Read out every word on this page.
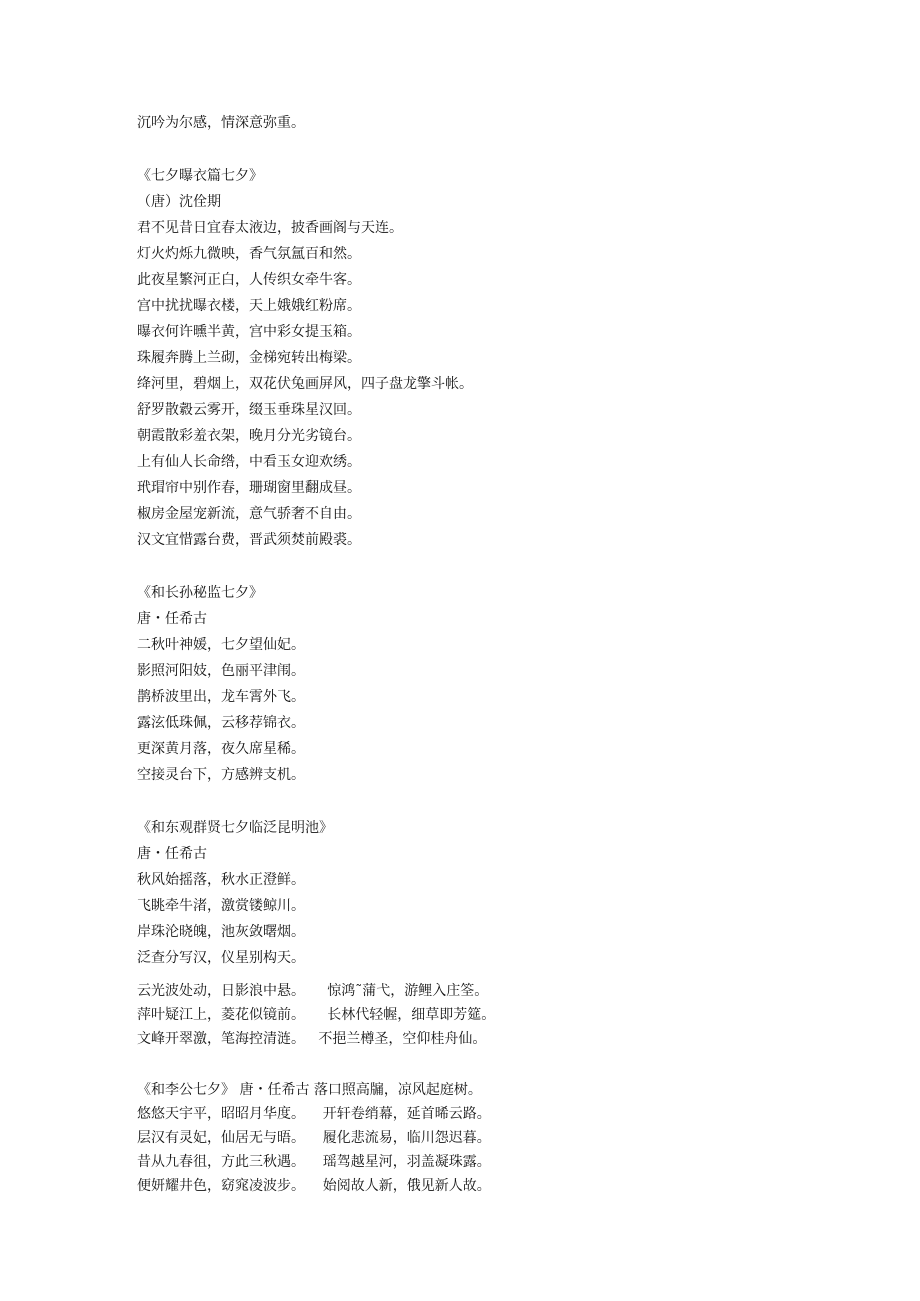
沉吟为尔感，情深意弥重。
《七夕曝衣篇七夕》
（唐）沈佺期
君不见昔日宜春太液边，披香画阁与天连。
灯火灼烁九微映，香气氛氲百和然。
此夜星繁河正白，人传织女牵牛客。
宫中扰扰曝衣楼，天上娥娥红粉席。
曝衣何许曛半黄，宫中彩女提玉箱。
珠履奔腾上兰砌，金梯宛转出梅梁。
绛河里，碧烟上，双花伏兔画屏风，四子盘龙擎斗帐。
舒罗散縠云雾开，缀玉垂珠星汉回。
朝霞散彩羞衣架，晚月分光劣镜台。
上有仙人长命绺，中看玉女迎欢绣。
玳瑁帘中别作春，珊瑚窗里翻成昼。
椒房金屋宠新流，意气骄奢不自由。
汉文宜惜露台费，晋武须焚前殿裘。
《和长孙秘监七夕》
唐・任希古
二秋叶神媛，七夕望仙妃。
影照河阳妓，色丽平津闱。
鹊桥波里出，龙车霄外飞。
露泫低珠佩，云移荐锦衣。
更深黄月落，夜久席星稀。
空接灵台下，方感辨支机。
《和东观群贤七夕临泛昆明池》
唐・任希古
秋风始摇落，秋水正澄鲜。
飞眺牵牛渚，激赏镂鲸川。
岸珠沦晓魄，池灰敛曙烟。
泛查分写汉，仪星别构天。
云光波处动，日影浪中悬。     惊鸿˜蒲弋，游鲤入庄筌。
萍叶疑江上，菱花似镜前。     长林代轻幄，细草即芳筵。
文峰开翠激，笔海控清涟。   不挹兰樽圣，空仰桂舟仙。
《和李公七夕》 唐・任希古 落口照高牖，凉风起庭树。
悠悠天宇平，昭昭月华度。    开轩卷绡幕，延首晞云路。
层汉有灵妃，仙居无与晤。    履化悲流易，临川怨迟暮。
昔从九春徂，方此三秋遇。    瑶驾越星河，羽盖凝珠露。
便妍耀井色，窈窕凌波步。    始阅故人新，俄见新人故。
